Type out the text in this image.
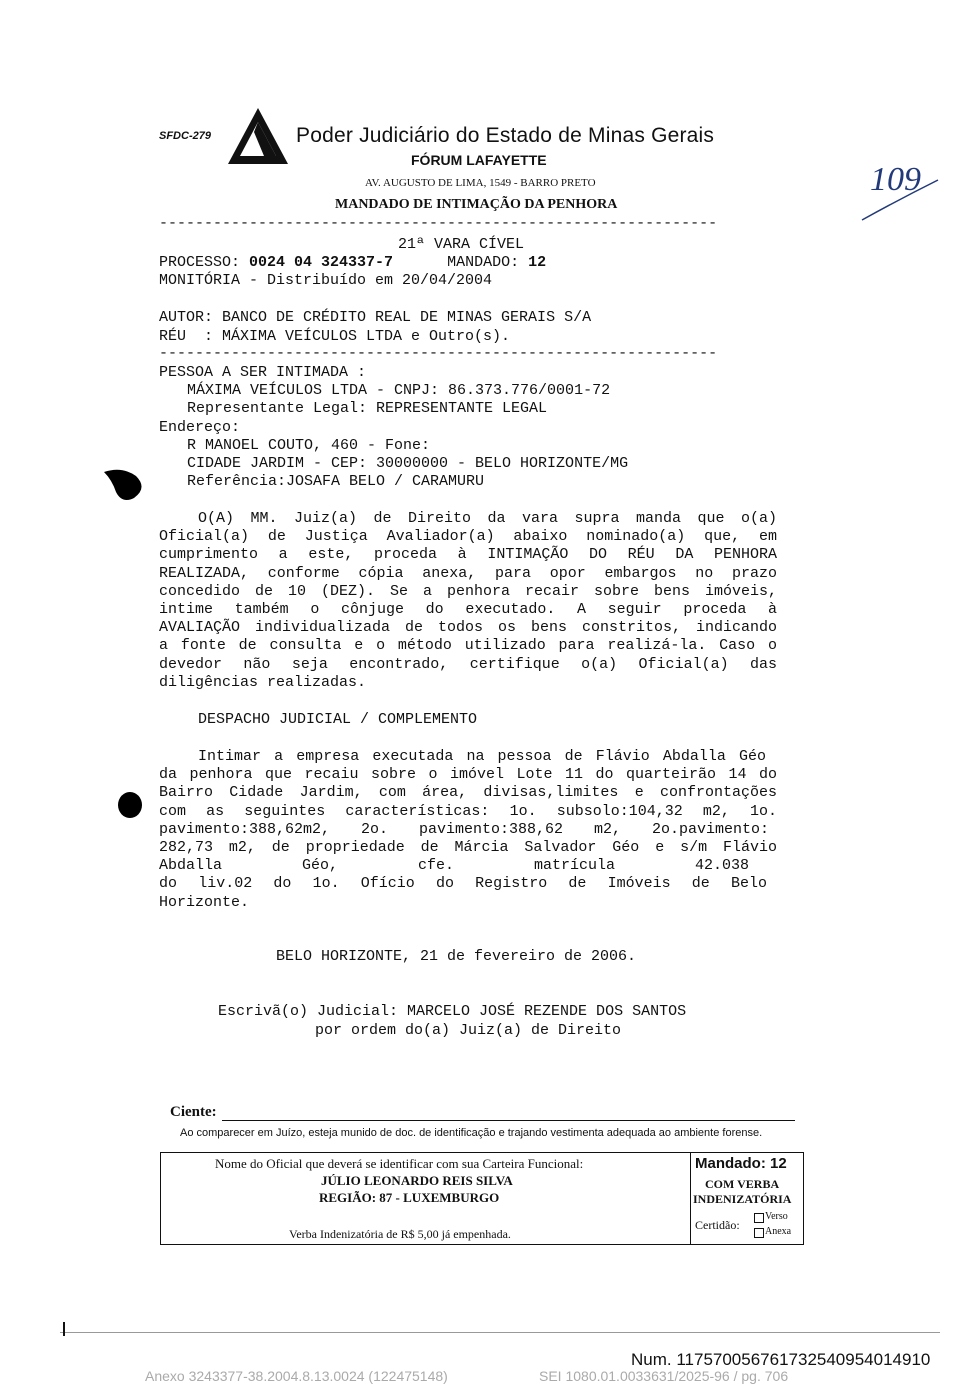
SFDC-279	Poder Judiciário do Estado de Minas Gerais
FÓRUM LAFAYETTE
AV. AUGUSTO DE LIMA, 1549 - BARRO PRETO
MANDADO DE INTIMAÇÃO DA PENHORA
109
--------------------------------------------------------------
21ª VARA CÍVEL
PROCESSO: 0024 04 324337-7	MANDADO: 12
MONITÓRIA - Distribuído em 20/04/2004
AUTOR: BANCO DE CRÉDITO REAL DE MINAS GERAIS S/A
RÉU  : MÁXIMA VEÍCULOS LTDA e Outro(s).
--------------------------------------------------------------
PESSOA A SER INTIMADA :
MÁXIMA VEÍCULOS LTDA - CNPJ: 86.373.776/0001-72
Representante Legal: REPRESENTANTE LEGAL
Endereço:
R MANOEL COUTO, 460 - Fone:
CIDADE JARDIM - CEP: 30000000 - BELO HORIZONTE/MG
Referência:JOSAFA BELO / CARAMURU
O(A) MM. Juiz(a) de Direito da vara supra manda que o(a)
Oficial(a) de Justiça Avaliador(a) abaixo nominado(a) que, em
cumprimento a este, proceda à INTIMAÇÃO DO RÉU DA PENHORA
REALIZADA, conforme cópia anexa, para opor embargos no prazo
concedido de 10 (DEZ). Se a penhora recair sobre bens imóveis,
intime também o cônjuge do executado. A seguir proceda à
AVALIAÇÃO individualizada de todos os bens constritos, indicando
a fonte de consulta e o método utilizado para realizá-la. Caso o
devedor não seja encontrado, certifique o(a) Oficial(a) das
diligências realizadas.
DESPACHO JUDICIAL / COMPLEMENTO
Intimar a empresa executada na pessoa de Flávio Abdalla Géo
da penhora que recaiu sobre o imóvel Lote 11 do quarteirão 14 do
Bairro Cidade Jardim, com área, divisas,limites e confrontações
com as seguintes características: 1o. subsolo:104,32 m2, 1o.
pavimento:388,62m2, 2o. pavimento:388,62 m2, 2o.pavimento:
282,73 m2, de propriedade de Márcia Salvador Géo e s/m Flávio
Abdalla Géo, cfe. matrícula 42.038
do liv.02 do 1o. Ofício do Registro de Imóveis de Belo
Horizonte.
BELO HORIZONTE, 21 de fevereiro de 2006.
Escrivã(o) Judicial: MARCELO JOSÉ REZENDE DOS SANTOS
por ordem do(a) Juiz(a) de Direito
Ciente:
Ao comparecer em Juízo, esteja munido de doc. de identificação e trajando vestimenta adequada ao ambiente forense.
Nome do Oficial que deverá se identificar com sua Carteira Funcional:
JÚLIO LEONARDO REIS SILVA
REGIÃO: 87 - LUXEMBURGO
Verba Indenizatória de R$ 5,00 já empenhada.
Mandado: 12
COM VERBA
INDENIZATÓRIA
Certidão:
Verso
Anexa
Num. 11757005676173254095401491​0
Anexo 3243377-38.2004.8.13.0024 (122475148)	SEI 1080.01.0033631/2025-96 / pg. 706
